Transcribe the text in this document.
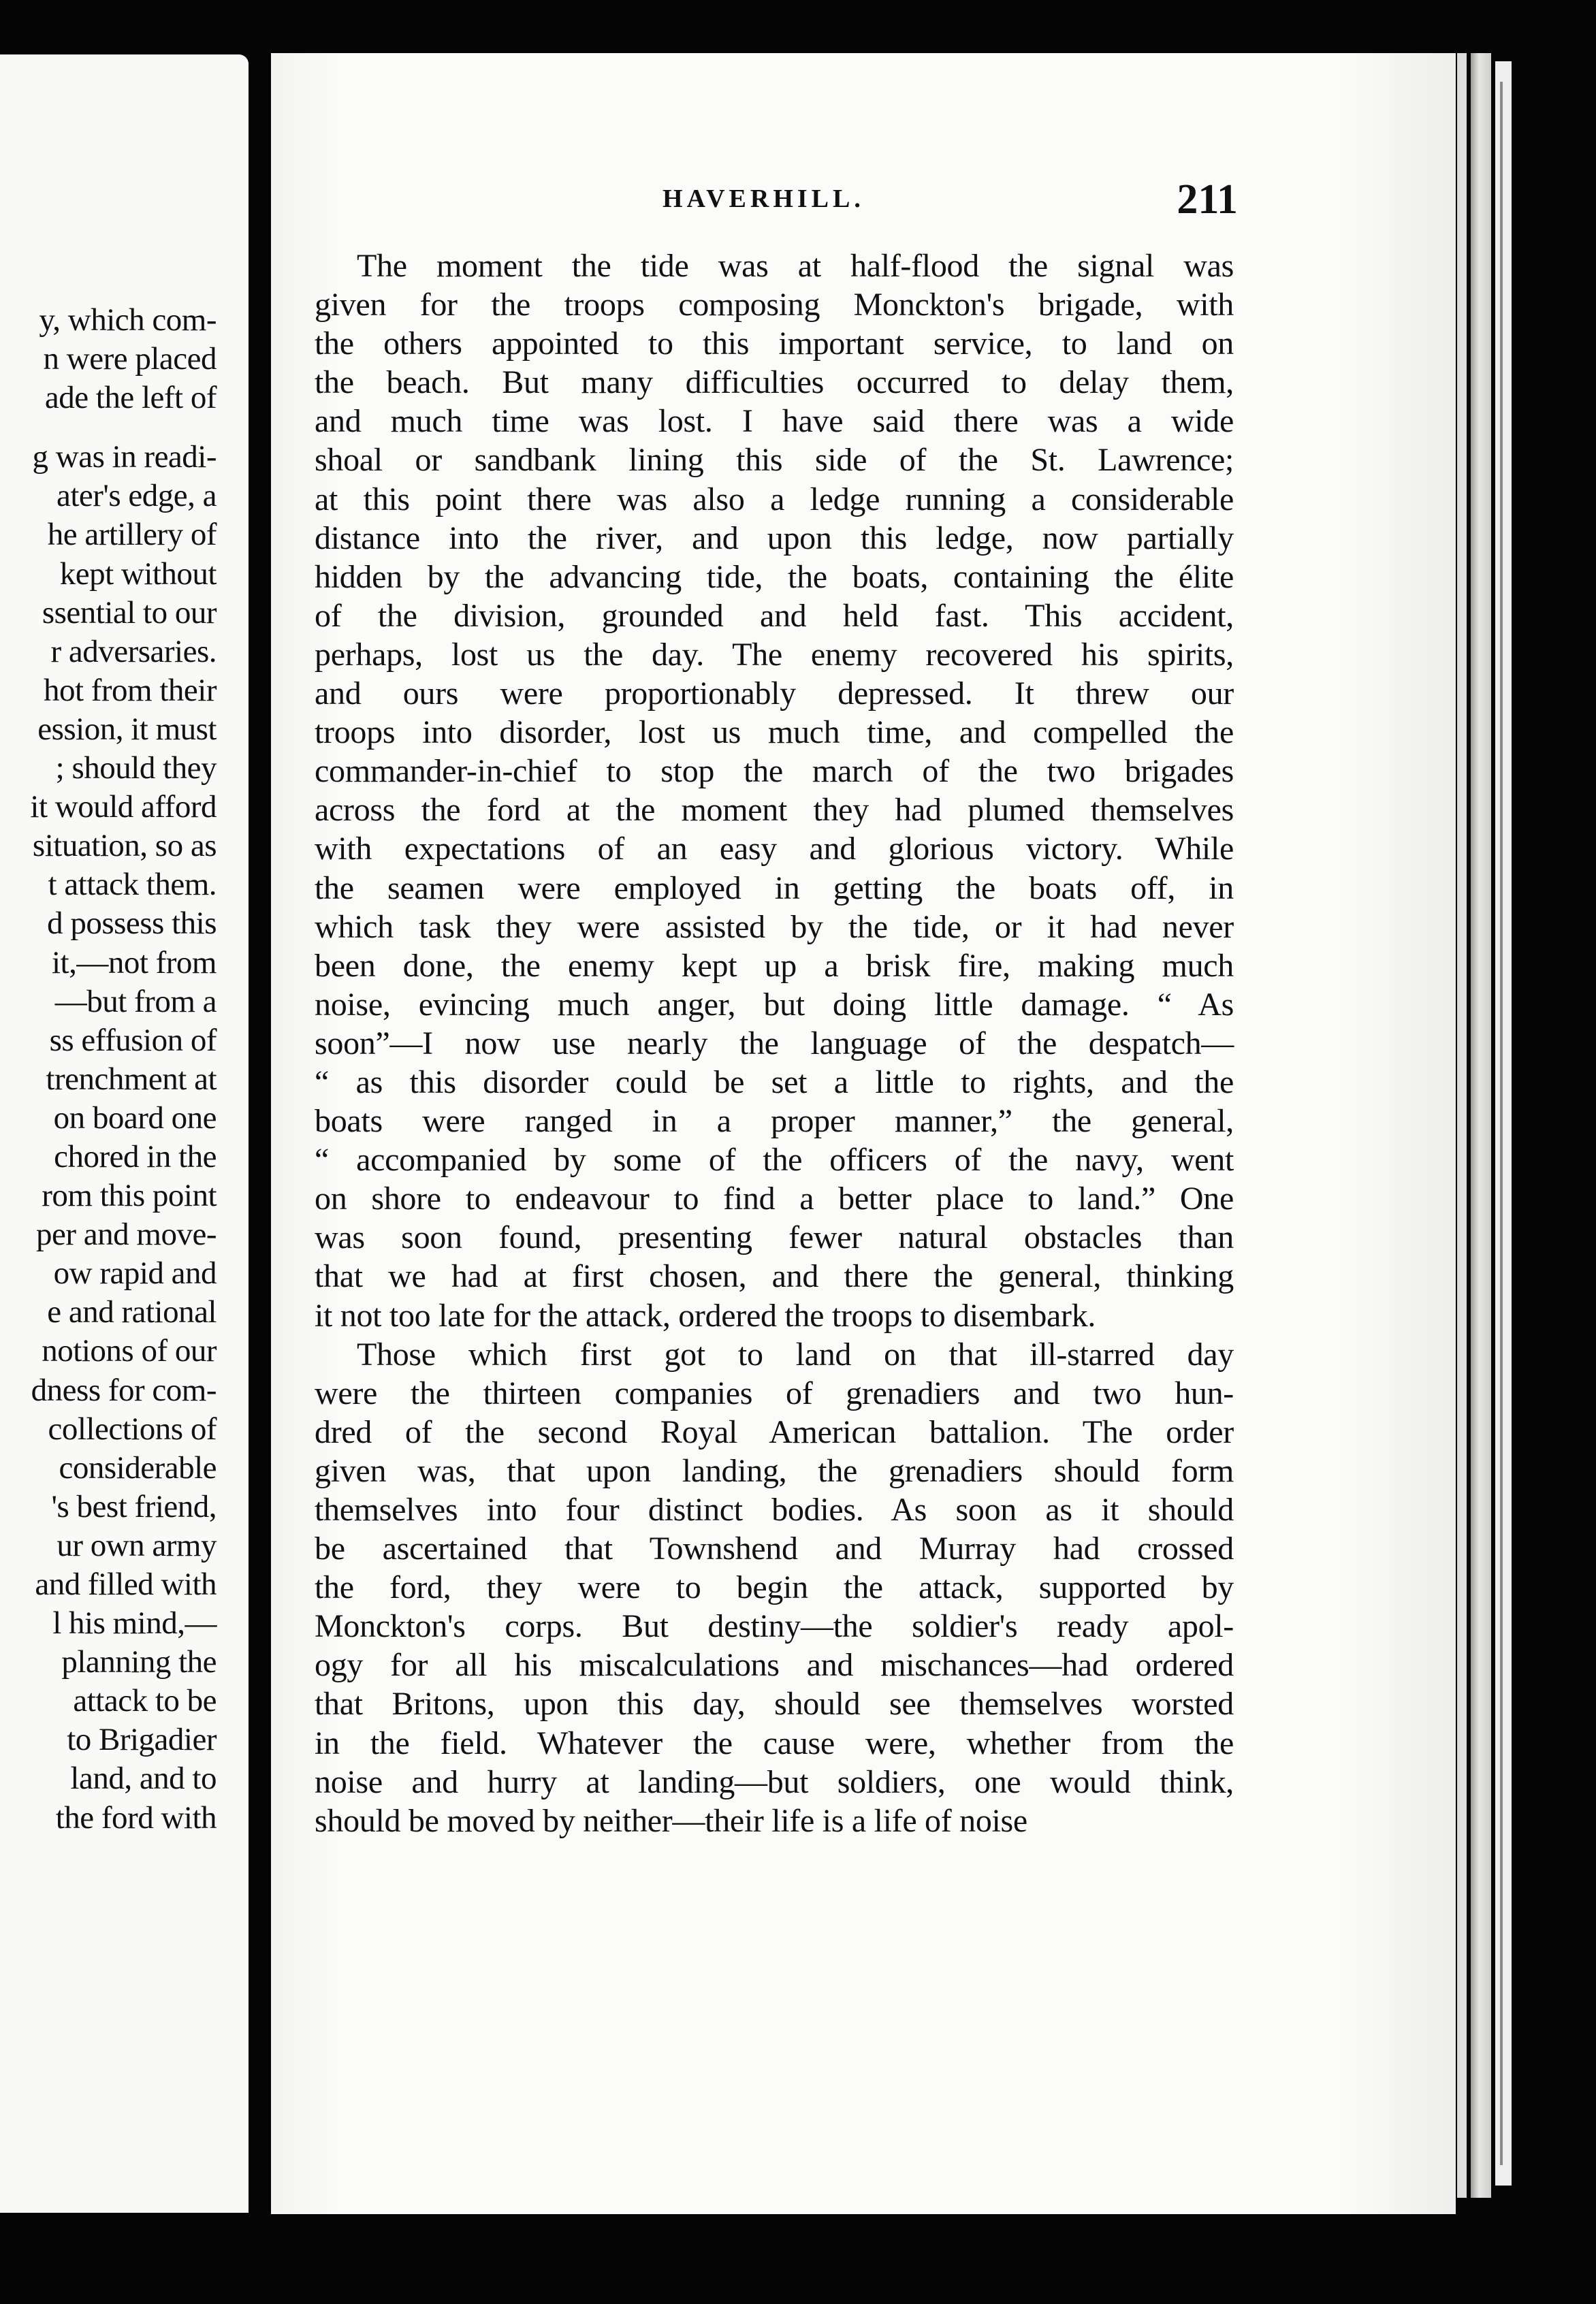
y, which com-
n were placed
ade the left of
g was in readi-
ater's edge, a
he artillery of
kept without
ssential to our
r adversaries.
hot from their
ession, it must
; should they
it would afford
situation, so as
t attack them.
d possess this
it,—not from
—but from a
ss effusion of
trenchment at
on board one
chored in the
rom this point
per and move-
ow rapid and
e and rational
notions of our
dness for com-
collections of
considerable
's best friend,
ur own army
and filled with
l his mind,—
planning the
attack to be
to Brigadier
land, and to
the ford with
HAVERHILL.	211
The moment the tide was at half-flood the signal was
given for the troops composing Monckton's brigade, with
the others appointed to this important service, to land on
the beach. But many difficulties occurred to delay them,
and much time was lost. I have said there was a wide
shoal or sandbank lining this side of the St. Lawrence;
at this point there was also a ledge running a considerable
distance into the river, and upon this ledge, now partially
hidden by the advancing tide, the boats, containing the élite
of the division, grounded and held fast. This accident,
perhaps, lost us the day. The enemy recovered his spirits,
and ours were proportionably depressed. It threw our
troops into disorder, lost us much time, and compelled the
commander-in-chief to stop the march of the two brigades
across the ford at the moment they had plumed themselves
with expectations of an easy and glorious victory. While
the seamen were employed in getting the boats off, in
which task they were assisted by the tide, or it had never
been done, the enemy kept up a brisk fire, making much
noise, evincing much anger, but doing little damage. “ As
soon”—I now use nearly the language of the despatch—
“ as this disorder could be set a little to rights, and the
boats were ranged in a proper manner,” the general,
“ accompanied by some of the officers of the navy, went
on shore to endeavour to find a better place to land.” One
was soon found, presenting fewer natural obstacles than
that we had at first chosen, and there the general, thinking
it not too late for the attack, ordered the troops to disembark.
Those which first got to land on that ill-starred day
were the thirteen companies of grenadiers and two hun-
dred of the second Royal American battalion. The order
given was, that upon landing, the grenadiers should form
themselves into four distinct bodies. As soon as it should
be ascertained that Townshend and Murray had crossed
the ford, they were to begin the attack, supported by
Monckton's corps. But destiny—the soldier's ready apol-
ogy for all his miscalculations and mischances—had ordered
that Britons, upon this day, should see themselves worsted
in the field. Whatever the cause were, whether from the
noise and hurry at landing—but soldiers, one would think,
should be moved by neither—their life is a life of noise
